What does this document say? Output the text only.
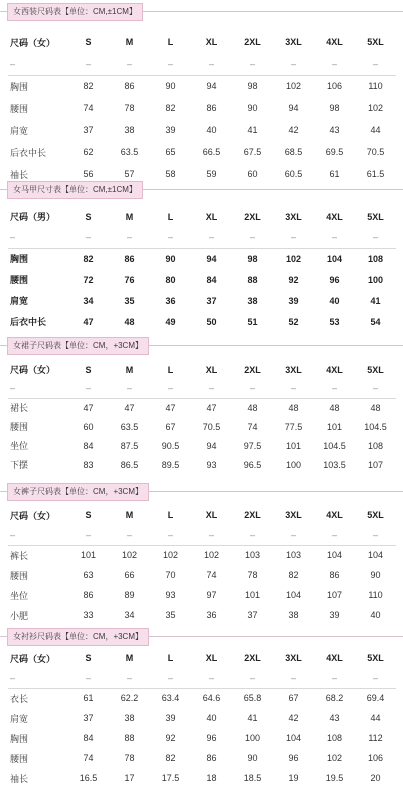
女西装尺码表【单位：CM,±1CM】
尺码（女）	S	M	L	XL	2XL	3XL	4XL	5XL
–	–	–	–	–	–	–	–	–
胸围	82	86	90	94	98	102	106	110
腰围	74	78	82	86	90	94	98	102
肩宽	37	38	39	40	41	42	43	44
后衣中长	62	63.5	65	66.5	67.5	68.5	69.5	70.5
袖长	56	57	58	59	60	60.5	61	61.5
女马甲尺寸表【单位：CM,±1CM】
尺码（男）	S	M	L	XL	2XL	3XL	4XL	5XL
–	–	–	–	–	–	–	–	–
胸围	82	86	90	94	98	102	104	108
腰围	72	76	80	84	88	92	96	100
肩宽	34	35	36	37	38	39	40	41
后衣中长	47	48	49	50	51	52	53	54
女裙子尺码表【单位：CM，+3CM】
尺码（女）	S	M	L	XL	2XL	3XL	4XL	5XL
–	–	–	–	–	–	–	–	–
裙长	47	47	47	47	48	48	48	48
腰围	60	63.5	67	70.5	74	77.5	101	104.5
坐位	84	87.5	90.5	94	97.5	101	104.5	108
下摆	83	86.5	89.5	93	96.5	100	103.5	107
女裤子尺码表【单位：CM，+3CM】
尺码（女）	S	M	L	XL	2XL	3XL	4XL	5XL
–	–	–	–	–	–	–	–	–
裤长	101	102	102	102	103	103	104	104
腰围	63	66	70	74	78	82	86	90
坐位	86	89	93	97	101	104	107	110
小肥	33	34	35	36	37	38	39	40
女衬衫尺码表【单位：CM，+3CM】
尺码（女）	S	M	L	XL	2XL	3XL	4XL	5XL
–	–	–	–	–	–	–	–	–
衣长	61	62.2	63.4	64.6	65.8	67	68.2	69.4
肩宽	37	38	39	40	41	42	43	44
胸围	84	88	92	96	100	104	108	112
腰围	74	78	82	86	90	96	102	106
袖长	16.5	17	17.5	18	18.5	19	19.5	20
